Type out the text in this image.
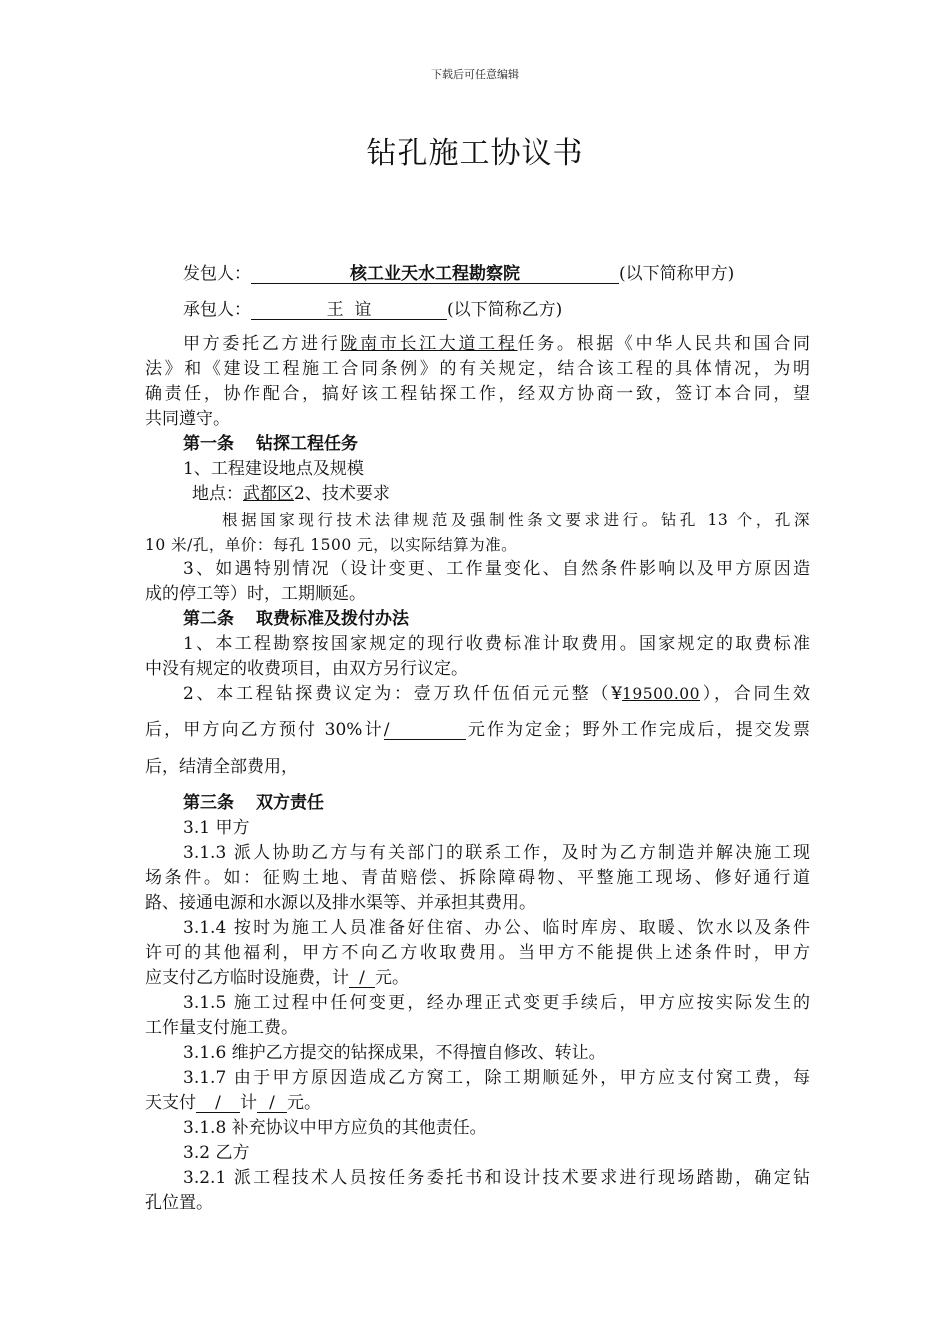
下载后可任意编辑
钻孔施工协议书
发包人：	核工业天水工程勘察院	(以下简称甲方)
承包人：	王  谊	(以下简称乙方)
甲方委托乙方进行陇南市长江大道工程任务。根据《中华人民共和国合同
法》和《建设工程施工合同条例》的有关规定，结合该工程的具体情况，为明
确责任，协作配合，搞好该工程钻探工作，经双方协商一致，签订本合同，望
共同遵守。
第一条 钻探工程任务
1、工程建设地点及规模
地点：武都区2、技术要求
根据国家现行技术法律规范及强制性条文要求进行。钻孔 13 个，孔深
10 米/孔，单价：每孔 1500 元，以实际结算为准。
3、如遇特别情况（设计变更、工作量变化、自然条件影响以及甲方原因造
成的停工等）时，工期顺延。
第二条 取费标准及拨付办法
1、本工程勘察按国家规定的现行收费标准计取费用。国家规定的取费标准
中没有规定的收费项目，由双方另行议定。
2、本工程钻探费议定为：壹万玖仟伍佰元元整（¥19500.00），合同生效
后，甲方向乙方预付 30%计/	元作为定金；野外工作完成后，提交发票
后，结清全部费用，
第三条 双方责任
3.1 甲方
3.1.3 派人协助乙方与有关部门的联系工作，及时为乙方制造并解决施工现
场条件。如：征购土地、青苗赔偿、拆除障碍物、平整施工现场、修好通行道
路、接通电源和水源以及排水渠等、并承担其费用。
3.1.4 按时为施工人员准备好住宿、办公、临时库房、取暖、饮水以及条件
许可的其他福利，甲方不向乙方收取费用。当甲方不能提供上述条件时，甲方
应支付乙方临时设施费，计 / 元。
3.1.5 施工过程中任何变更，经办理正式变更手续后，甲方应按实际发生的
工作量支付施工费。
3.1.6 维护乙方提交的钻探成果，不得擅自修改、转让。
3.1.7 由于甲方原因造成乙方窝工，除工期顺延外，甲方应支付窝工费，每
天支付 / 计 / 元。
3.1.8 补充协议中甲方应负的其他责任。
3.2 乙方
3.2.1 派工程技术人员按任务委托书和设计技术要求进行现场踏勘，确定钻
孔位置。
